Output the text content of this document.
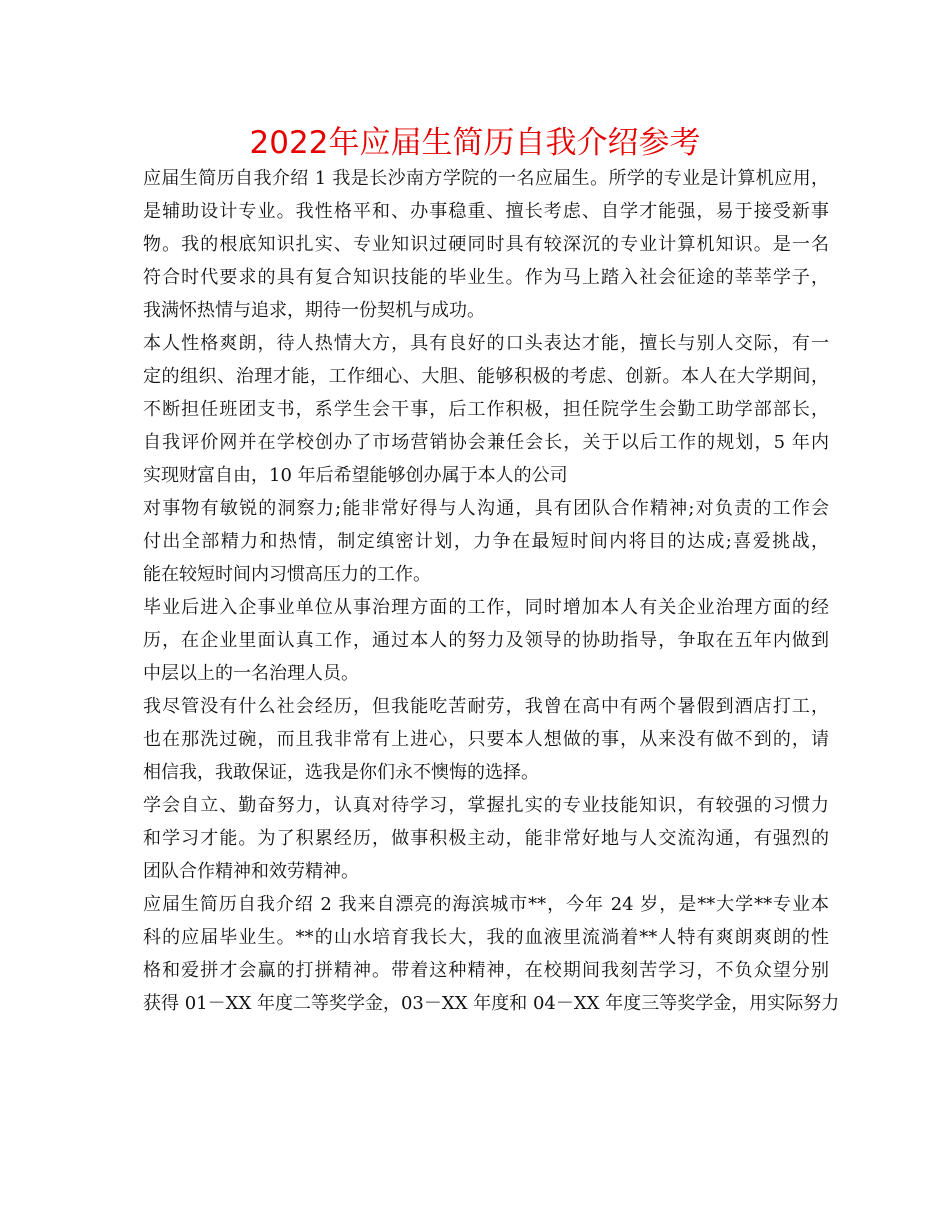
2022年应届生简历自我介绍参考
应届生简历自我介绍 1 我是长沙南方学院的一名应届生。所学的专业是计算机应用，
是辅助设计专业。我性格平和、办事稳重、擅长考虑、自学才能强，易于接受新事
物。我的根底知识扎实、专业知识过硬同时具有较深沉的专业计算机知识。是一名
符合时代要求的具有复合知识技能的毕业生。作为马上踏入社会征途的莘莘学子，
我满怀热情与追求，期待一份契机与成功。
本人性格爽朗，待人热情大方，具有良好的口头表达才能，擅长与别人交际，有一
定的组织、治理才能，工作细心、大胆、能够积极的考虑、创新。本人在大学期间，
不断担任班团支书，系学生会干事，后工作积极，担任院学生会勤工助学部部长，
自我评价网并在学校创办了市场营销协会兼任会长，关于以后工作的规划，5 年内
实现财富自由，10 年后希望能够创办属于本人的公司
对事物有敏锐的洞察力;能非常好得与人沟通，具有团队合作精神;对负责的工作会
付出全部精力和热情，制定缜密计划，力争在最短时间内将目的达成;喜爱挑战，
能在较短时间内习惯高压力的工作。
毕业后进入企事业单位从事治理方面的工作，同时增加本人有关企业治理方面的经
历，在企业里面认真工作，通过本人的努力及领导的协助指导，争取在五年内做到
中层以上的一名治理人员。
我尽管没有什么社会经历，但我能吃苦耐劳，我曾在高中有两个暑假到酒店打工，
也在那洗过碗，而且我非常有上进心，只要本人想做的事，从来没有做不到的，请
相信我，我敢保证，选我是你们永不懊悔的选择。
学会自立、勤奋努力，认真对待学习，掌握扎实的专业技能知识，有较强的习惯力
和学习才能。为了积累经历，做事积极主动，能非常好地与人交流沟通，有强烈的
团队合作精神和效劳精神。
应届生简历自我介绍 2 我来自漂亮的海滨城市**，今年 24 岁，是**大学**专业本
科的应届毕业生。**的山水培育我长大，我的血液里流淌着**人特有爽朗爽朗的性
格和爱拼才会赢的打拼精神。带着这种精神，在校期间我刻苦学习，不负众望分别
获得 01－XX 年度二等奖学金，03－XX 年度和 04－XX 年度三等奖学金，用实际努力
